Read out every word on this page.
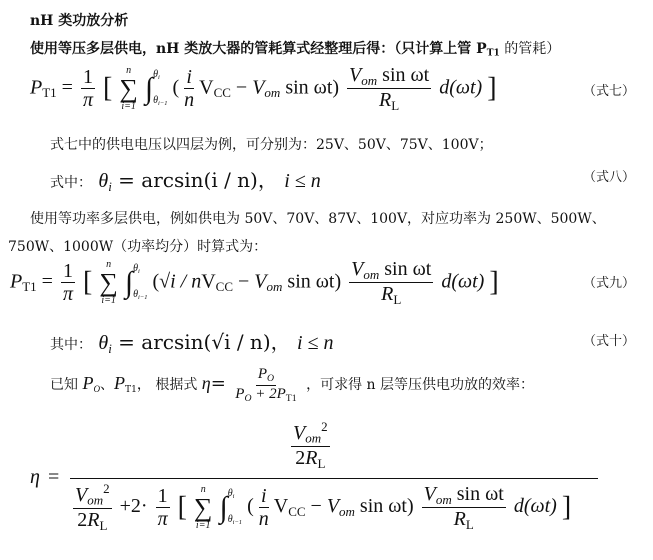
nH 类功放分析
使用等压多层供电，nH 类放大器的管耗算式经整理后得：（只计算上管 $P_{T1}$ 的管耗）
$P_{T1} = \frac{1}{\pi}$ [
n
∑
i=1

∫ $\theta_i$
$\theta_{i-1}$
( $\frac{i}{n} V_{CC} - V_{om}$ $\sin \omega t) \frac{V_{om} \sin \omega t}{R_L} d(\omega t)$ ]	（式七）
式七中的供电电压以四层为例，可分别为：25V、50V、75V、100V；
式中： $\theta_i = \arcsin(i / n)$， i ≤ n	（式八）
使用等功率多层供电，例如供电为 50V、70V、87V、100V，对应功率为 250W、500W、
750W、1000W（功率均分）时算式为：
$P_{T1} = \frac{1}{\pi}$ [
n
∑
i=1

∫ $\theta_i$
$\theta_{i-1}$
($√i / nV_{CC} - V_{om}$ $\sin \omega t) \frac{V_{om} \sin \omega t}{R_L} d(\omega t)$ ]	（式九）
其中： $\theta_i = \arcsin(√i / n)$， i ≤ n	（式十）
已知 $P_O$、$P_{T1}$， 根据式 $\eta= \frac{P_O}{P_O + 2P_{T1}}$ ，可求得 n 层等压供电功放的效率：
η =
$V_{om}^2$
$2R_L$
$\frac{V_{om}^2}{2R_L} +2\cdot \frac{1}{\pi}$ [
n
∑
i=1

∫ $\theta_i$
$\theta_{i-1}$
( $\frac{i}{n} V_{CC} - V_{om}$ $\sin \omega t) \frac{V_{om} \sin \omega t}{R_L} d(\omega t)$ ]
